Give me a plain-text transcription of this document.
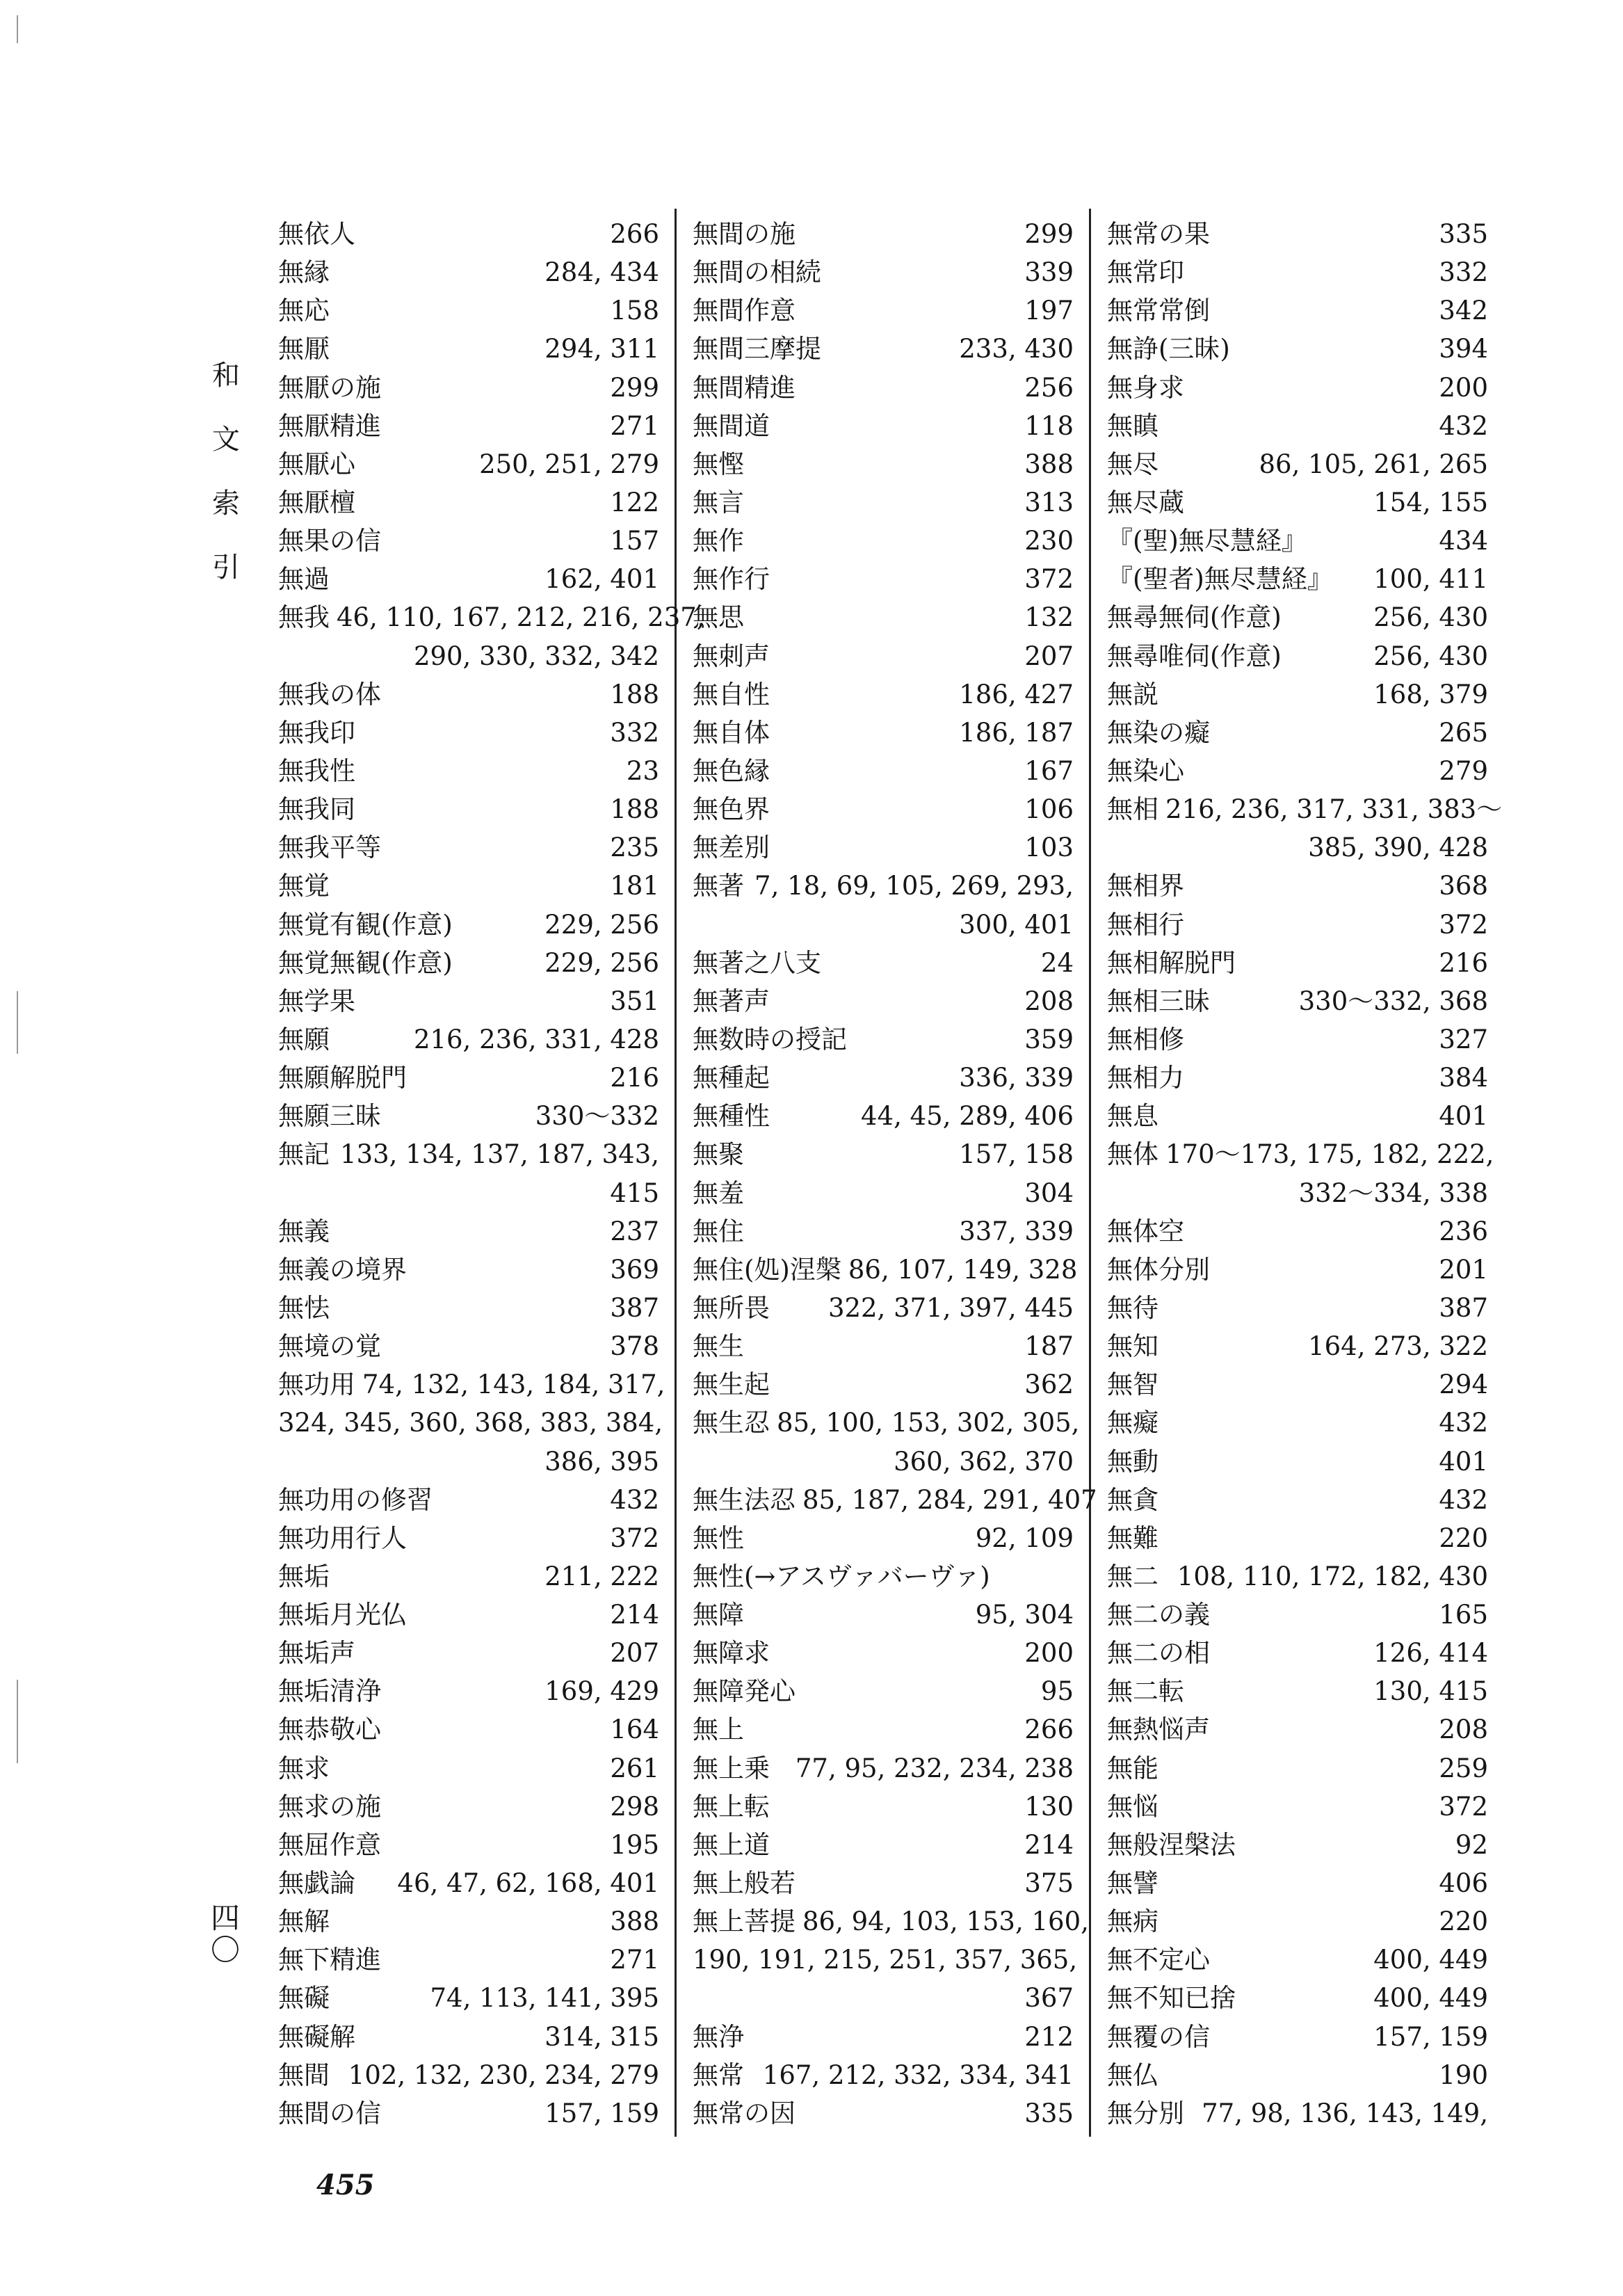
和
文
索
引
四
〇
無依人	266
無縁	284, 434
無応	158
無厭	294, 311
無厭の施	299
無厭精進	271
無厭心	250, 251, 279
無厭檀	122
無果の信	157
無過	162, 401
無我 46, 110, 167, 212, 216, 237,
290, 330, 332, 342
無我の体	188
無我印	332
無我性	23
無我同	188
無我平等	235
無覚	181
無覚有観(作意)	229, 256
無覚無観(作意)	229, 256
無学果	351
無願	216, 236, 331, 428
無願解脱門	216
無願三昧	330〜332
無記 133, 134, 137, 187, 343,
415
無義	237
無義の境界	369
無怯	387
無境の覚	378
無功用 74, 132, 143, 184, 317,
324, 345, 360, 368, 383, 384,
386, 395
無功用の修習	432
無功用行人	372
無垢	211, 222
無垢月光仏	214
無垢声	207
無垢清浄	169, 429
無恭敬心	164
無求	261
無求の施	298
無屈作意	195
無戯論	46, 47, 62, 168, 401
無解	388
無下精進	271
無礙	74, 113, 141, 395
無礙解	314, 315
無間 102, 132, 230, 234, 279
無間の信	157, 159
無間の施	299
無間の相続	339
無間作意	197
無間三摩提	233, 430
無間精進	256
無間道	118
無慳	388
無言	313
無作	230
無作行	372
無思	132
無刺声	207
無自性	186, 427
無自体	186, 187
無色縁	167
無色界	106
無差別	103
無著 7, 18, 69, 105, 269, 293,
300, 401
無著之八支	24
無著声	208
無数時の授記	359
無種起	336, 339
無種性	44, 45, 289, 406
無聚	157, 158
無羞	304
無住	337, 339
無住(処)涅槃 86, 107, 149, 328
無所畏	322, 371, 397, 445
無生	187
無生起	362
無生忍 85, 100, 153, 302, 305,
360, 362, 370
無生法忍 85, 187, 284, 291, 407
無性	92, 109
無性(→アスヴァバーヴァ)
無障	95, 304
無障求	200
無障発心	95
無上	266
無上乗 77, 95, 232, 234, 238
無上転	130
無上道	214
無上般若	375
無上菩提 86, 94, 103, 153, 160,
190, 191, 215, 251, 357, 365,
367
無浄	212
無常 167, 212, 332, 334, 341
無常の因	335
無常の果	335
無常印	332
無常常倒	342
無諍(三昧)	394
無身求	200
無瞋	432
無尽	86, 105, 261, 265
無尽蔵	154, 155
『(聖)無尽慧経』	434
『(聖者)無尽慧経』	100, 411
無尋無伺(作意)	256, 430
無尋唯伺(作意)	256, 430
無説	168, 379
無染の癡	265
無染心	279
無相 216, 236, 317, 331, 383〜
385, 390, 428
無相界	368
無相行	372
無相解脱門	216
無相三昧	330〜332, 368
無相修	327
無相力	384
無息	401
無体 170〜173, 175, 182, 222,
332〜334, 338
無体空	236
無体分別	201
無待	387
無知	164, 273, 322
無智	294
無癡	432
無動	401
無貪	432
無難	220
無二 108, 110, 172, 182, 430
無二の義	165
無二の相	126, 414
無二転	130, 415
無熱悩声	208
無能	259
無悩	372
無般涅槃法	92
無譬	406
無病	220
無不定心	400, 449
無不知已捨	400, 449
無覆の信	157, 159
無仏	190
無分別 77, 98, 136, 143, 149,
455
